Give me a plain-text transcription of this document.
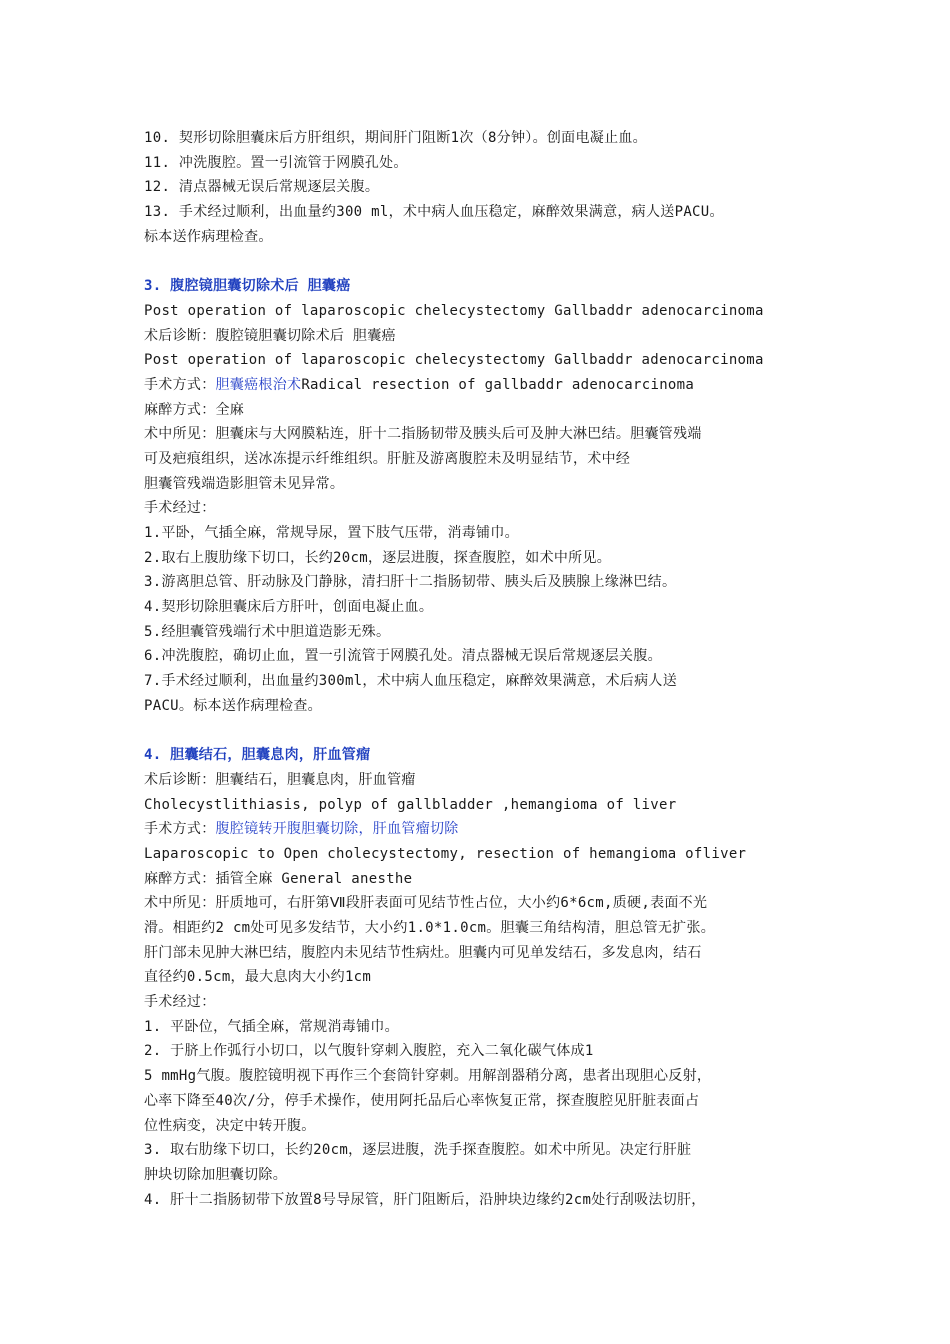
10. 契形切除胆囊床后方肝组织，期间肝门阻断1次（8分钟）。创面电凝止血。
11. 冲洗腹腔。置一引流管于网膜孔处。
12. 清点器械无误后常规逐层关腹。
13. 手术经过顺利，出血量约300 ml，术中病人血压稳定，麻醉效果满意，病人送PACU。
标本送作病理检查。
3. 腹腔镜胆囊切除术后 胆囊癌
Post operation of laparoscopic chelecystectomy Gallbaddr adenocarcinoma
术后诊断：腹腔镜胆囊切除术后 胆囊癌
Post operation of laparoscopic chelecystectomy Gallbaddr adenocarcinoma
手术方式：胆囊癌根治术Radical resection of gallbaddr adenocarcinoma
麻醉方式：全麻
术中所见：胆囊床与大网膜粘连，肝十二指肠韧带及胰头后可及肿大淋巴结。胆囊管残端
可及疤痕组织，送冰冻提示纤维组织。肝脏及游离腹腔未及明显结节，术中经
胆囊管残端造影胆管未见异常。
手术经过：
1.平卧，气插全麻，常规导尿，置下肢气压带，消毒铺巾。
2.取右上腹肋缘下切口，长约20cm，逐层进腹，探查腹腔，如术中所见。
3.游离胆总管、肝动脉及门静脉，清扫肝十二指肠韧带、胰头后及胰腺上缘淋巴结。
4.契形切除胆囊床后方肝叶，创面电凝止血。
5.经胆囊管残端行术中胆道造影无殊。
6.冲洗腹腔，确切止血，置一引流管于网膜孔处。清点器械无误后常规逐层关腹。
7.手术经过顺利，出血量约300ml，术中病人血压稳定，麻醉效果满意，术后病人送
PACU。标本送作病理检查。
4. 胆囊结石，胆囊息肉，肝血管瘤
术后诊断：胆囊结石，胆囊息肉，肝血管瘤
Cholecystlithiasis, polyp of gallbladder ,hemangioma of liver
手术方式：腹腔镜转开腹胆囊切除，肝血管瘤切除
Laparoscopic to Open cholecystectomy, resection of hemangioma ofliver
麻醉方式：插管全麻 General anesthe
术中所见：肝质地可，右肝第Ⅶ段肝表面可见结节性占位，大小约6*6cm,质硬,表面不光
滑。相距约2 cm处可见多发结节，大小约1.0*1.0cm。胆囊三角结构清，胆总管无扩张。
肝门部未见肿大淋巴结，腹腔内未见结节性病灶。胆囊内可见单发结石，多发息肉，结石
直径约0.5cm，最大息肉大小约1cm
手术经过：
1. 平卧位，气插全麻，常规消毒铺巾。
2. 于脐上作弧行小切口，以气腹针穿刺入腹腔，充入二氧化碳气体成1
5 mmHg气腹。腹腔镜明视下再作三个套筒针穿刺。用解剖器稍分离，患者出现胆心反射，
心率下降至40次/分，停手术操作，使用阿托品后心率恢复正常，探查腹腔见肝脏表面占
位性病变，决定中转开腹。
3. 取右肋缘下切口，长约20cm，逐层进腹，洗手探查腹腔。如术中所见。决定行肝脏
肿块切除加胆囊切除。
4. 肝十二指肠韧带下放置8号导尿管，肝门阻断后，沿肿块边缘约2cm处行刮吸法切肝，
